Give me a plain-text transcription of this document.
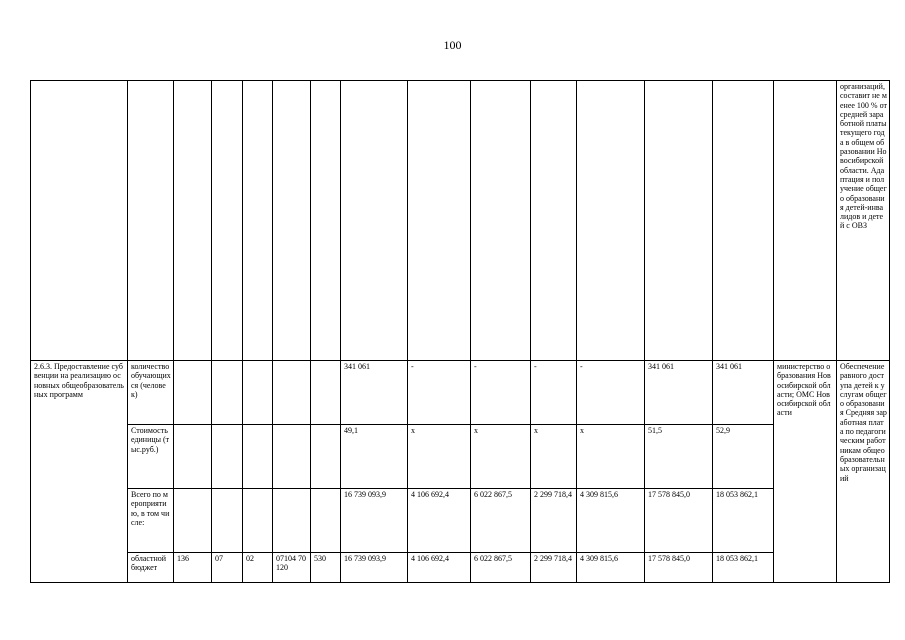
100
															организаций, составит не менее 100 % от средней заработной платы текущего года в общем образовании Новосибирской области. Адаптация и получение общего образования детей-инвалидов и детей с ОВЗ
2.6.3. Предоставление субвенции на реализацию основных общеобразовательных программ	количество обучающихся (человек)						341 061	-	-	-	-	341 061	341 061	министерство образования Новосибирской области; ОМС Новосибирской области	Обеспечение равного доступа детей к услугам общего образования Средняя заработная плата по педагогическим работникам общеобразовательных организаций
	Стоимость единицы (тыс.руб.)						49,1	х	х	х	х	51,5	52,9		
	Всего по мероприятию, в том числе:						16 739 093,9	4 106 692,4	6 022 867,5	2 299 718,4	4 309 815,6	17 578 845,0	18 053 862,1		
	областной бюджет	136	07	02	07104 70120	530	16 739 093,9	4 106 692,4	6 022 867,5	2 299 718,4	4 309 815,6	17 578 845,0	18 053 862,1		
